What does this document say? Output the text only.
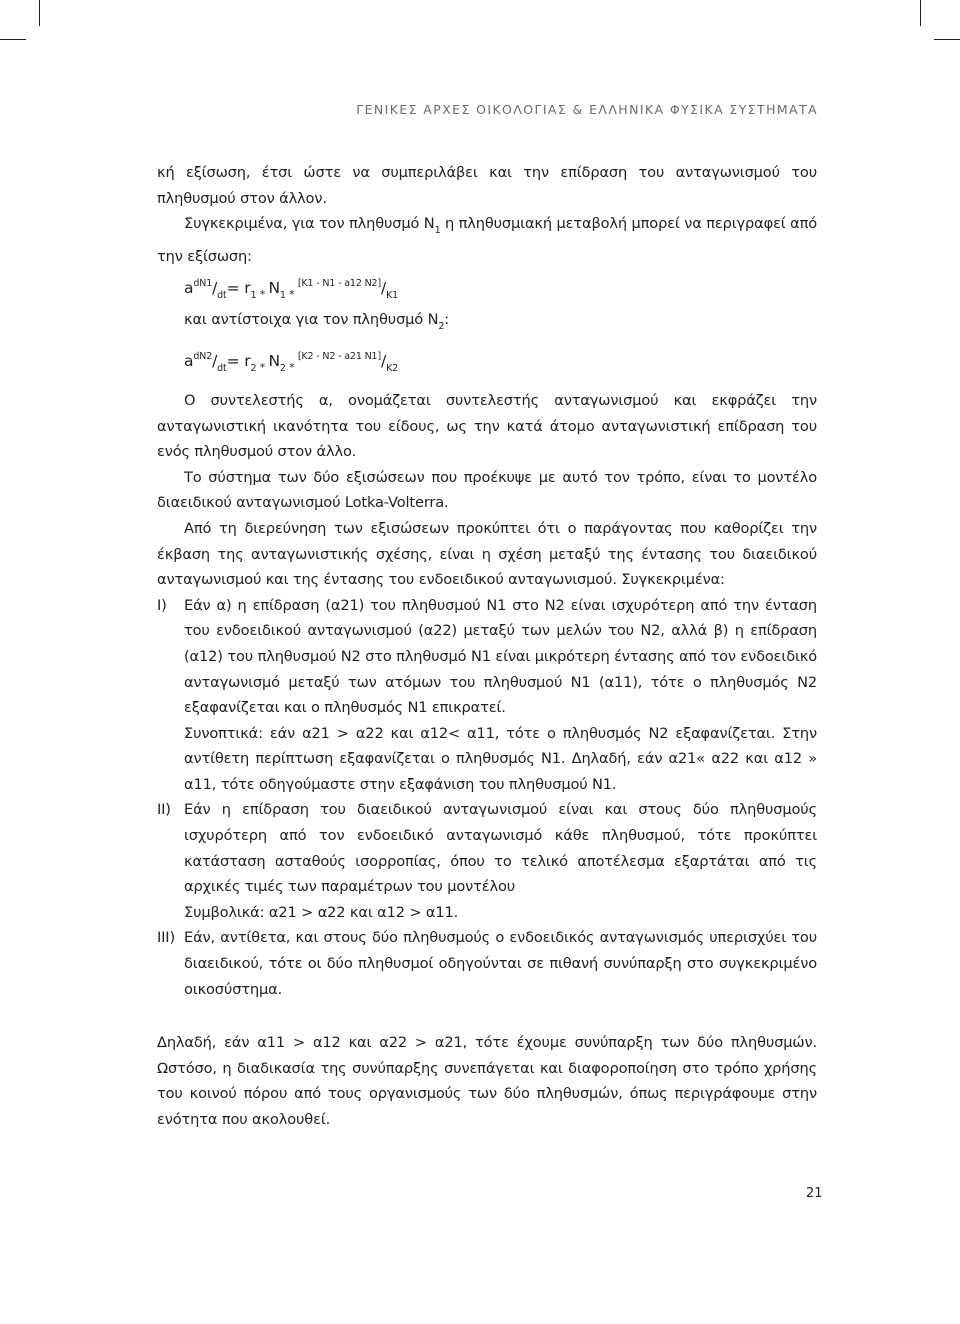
ΓΕΝΙΚΕΣ ΑΡΧΕΣ ΟΙΚΟΛΟΓΙΑΣ & ΕΛΛΗΝΙΚΑ ΦΥΣΙΚΑ ΣΥΣΤΗΜΑΤΑ

κή εξίσωση, έτσι ώστε να συμπεριλάβει και την επίδραση του ανταγωνισμού του πληθυσμού στον άλλον.

Συγκεκριμένα, για τον πληθυσμό $N_1$ η πληθυσμιακή μεταβολή μπορεί να περιγραφεί από την εξίσωση:

$a^{dN1}/_{dt}= r_1$ $_*$ $N_1$ $_*$ $[K1 - N1 - a12 N2]/_{K1}$

και αντίστοιχα για τον πληθυσμό $N_2$:

$a^{dN2}/_{dt}= r_2$ $_*$ $N_2$ $_*$ $[K2 - N2 - a21 N1]/_{K2}$

Ο συντελεστής α, ονομάζεται συντελεστής ανταγωνισμού και εκφράζει την ανταγωνιστική ικανότητα του είδους, ως την κατά άτομο ανταγωνιστική επίδραση του ενός πληθυσμού στον άλλο.

Το σύστημα των δύο εξισώσεων που προέκυψε με αυτό τον τρόπο, είναι το μοντέλο διαειδικού ανταγωνισμού Lotka-Volterra.

Από τη διερεύνηση των εξισώσεων προκύπτει ότι ο παράγοντας που καθορίζει την έκβαση της ανταγωνιστικής σχέσης, είναι η σχέση μεταξύ της έντασης του διαειδικού ανταγωνισμού και της έντασης του ενδοειδικού ανταγωνισμού. Συγκεκριμένα:

I) Εάν α) η επίδραση (α21) του πληθυσμού Ν1 στο Ν2 είναι ισχυρότερη από την ένταση του ενδοειδικού ανταγωνισμού (α22) μεταξύ των μελών του Ν2, αλλά β) η επίδραση (α12) του πληθυσμού Ν2 στο πληθυσμό Ν1 είναι μικρότερη έντασης από τον ενδοειδικό ανταγωνισμό μεταξύ των ατόμων του πληθυσμού Ν1 (α11), τότε ο πληθυσμός Ν2 εξαφανίζεται και ο πληθυσμός Ν1 επικρατεί.
Συνοπτικά: εάν α21 > α22 και α12< α11, τότε ο πληθυσμός Ν2 εξαφανίζεται. Στην αντίθετη περίπτωση εξαφανίζεται ο πληθυσμός Ν1. Δηλαδή, εάν α21« α22 και α12 » α11, τότε οδηγούμαστε στην εξαφάνιση του πληθυσμού Ν1.
II) Εάν η επίδραση του διαειδικού ανταγωνισμού είναι και στους δύο πληθυσμούς ισχυρότερη από τον ενδοειδικό ανταγωνισμό κάθε πληθυσμού, τότε προκύπτει κατάσταση ασταθούς ισορροπίας, όπου το τελικό αποτέλεσμα εξαρτάται από τις αρχικές τιμές των παραμέτρων του μοντέλου
Συμβολικά: α21 > α22 και α12 > α11.
III) Εάν, αντίθετα, και στους δύο πληθυσμούς ο ενδοειδικός ανταγωνισμός υπερισχύει του διαειδικού, τότε οι δύο πληθυσμοί οδηγούνται σε πιθανή συνύπαρξη στο συγκεκριμένο οικοσύστημα.

Δηλαδή, εάν α11 > α12 και α22 > α21, τότε έχουμε συνύπαρξη των δύο πληθυσμών. Ωστόσο, η διαδικασία της συνύπαρξης συνεπάγεται και διαφοροποίηση στο τρόπο χρήσης του κοινού πόρου από τους οργανισμούς των δύο πληθυσμών, όπως περιγράφουμε στην ενότητα που ακολουθεί.

21
